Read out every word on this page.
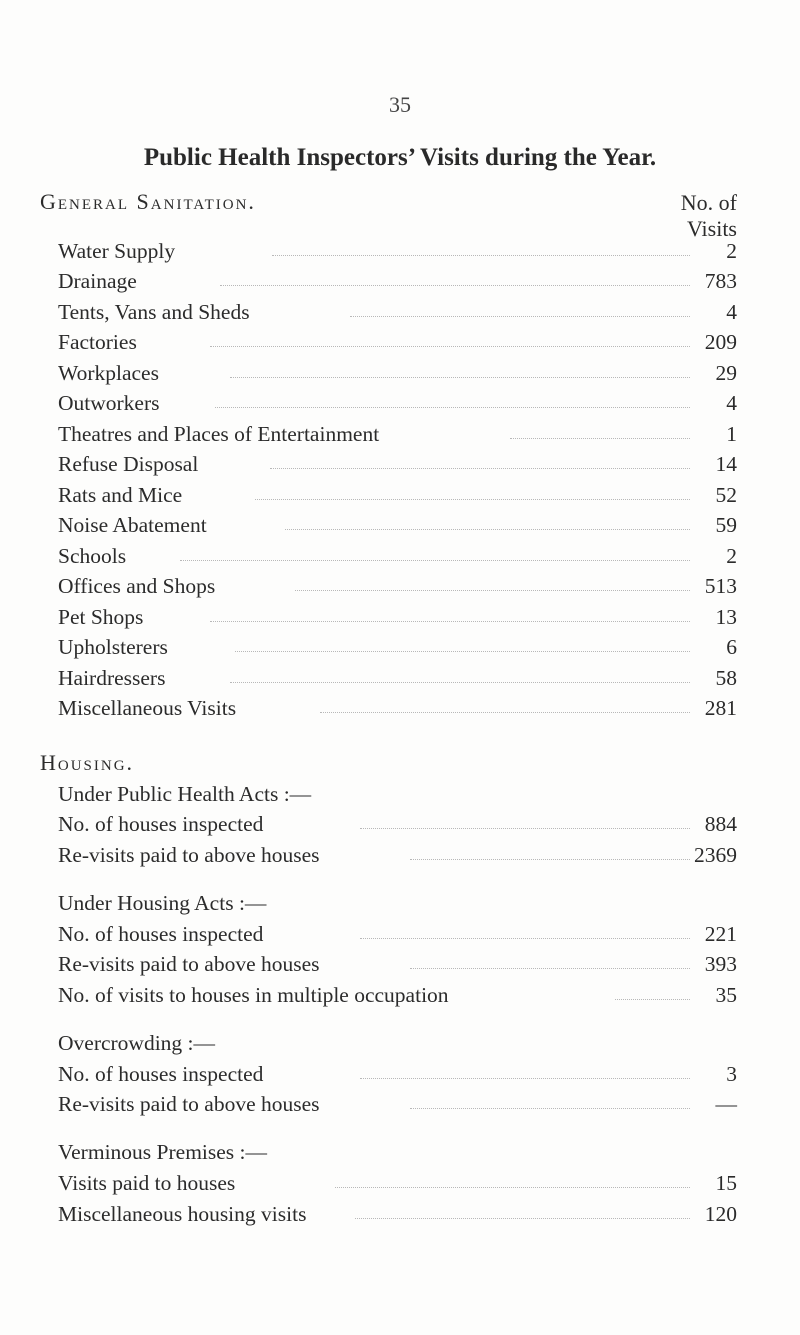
35
Public Health Inspectors’ Visits during the Year.
No. of
Visits
General Sanitation.
Water Supply	2
Drainage	783
Tents, Vans and Sheds	4
Factories	209
Workplaces	29
Outworkers	4
Theatres and Places of Entertainment	1
Refuse Disposal	14
Rats and Mice	52
Noise Abatement	59
Schools	2
Offices and Shops	513
Pet Shops	13
Upholsterers	6
Hairdressers	58
Miscellaneous Visits	281
Housing.
Under Public Health Acts :—
No. of houses inspected	884
Re-visits paid to above houses	2369
Under Housing Acts :—
No. of houses inspected	221
Re-visits paid to above houses	393
No. of visits to houses in multiple occupation	35
Overcrowding :—
No. of houses inspected	3
Re-visits paid to above houses	—
Verminous Premises :—
Visits paid to houses	15
Miscellaneous housing visits	120
